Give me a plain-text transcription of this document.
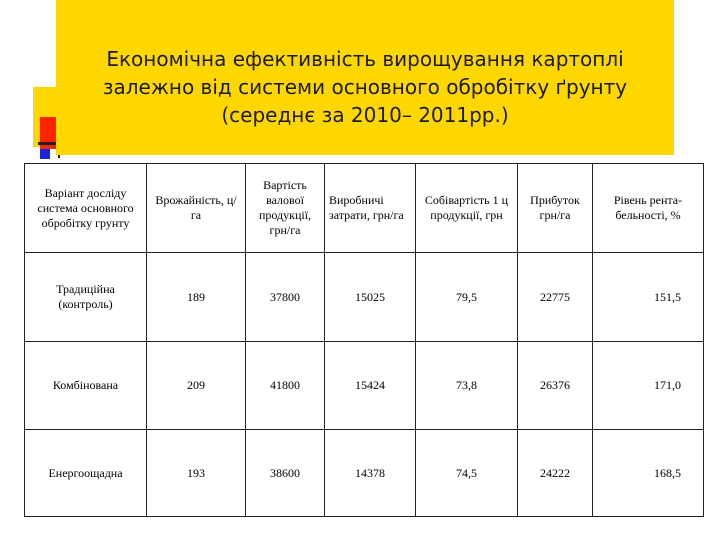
Економічна ефективність вирощування картоплі
залежно від системи основного обробітку ґрунту
(середнє за 2010– 2011рр.)
Варіант досліду система основного обробітку грунту	Врожайність, ц/га	Вартість валової продукції, грн/га	Виробничі затрати, грн/га	Собівартість 1 ц продукції, грн	Прибуток грн/га	Рівень рента-бельності, %
Традиційна (контроль)	189	37800	15025	79,5	22775	151,5
Комбінована	209	41800	15424	73,8	26376	171,0
Енергоощадна	193	38600	14378	74,5	24222	168,5
